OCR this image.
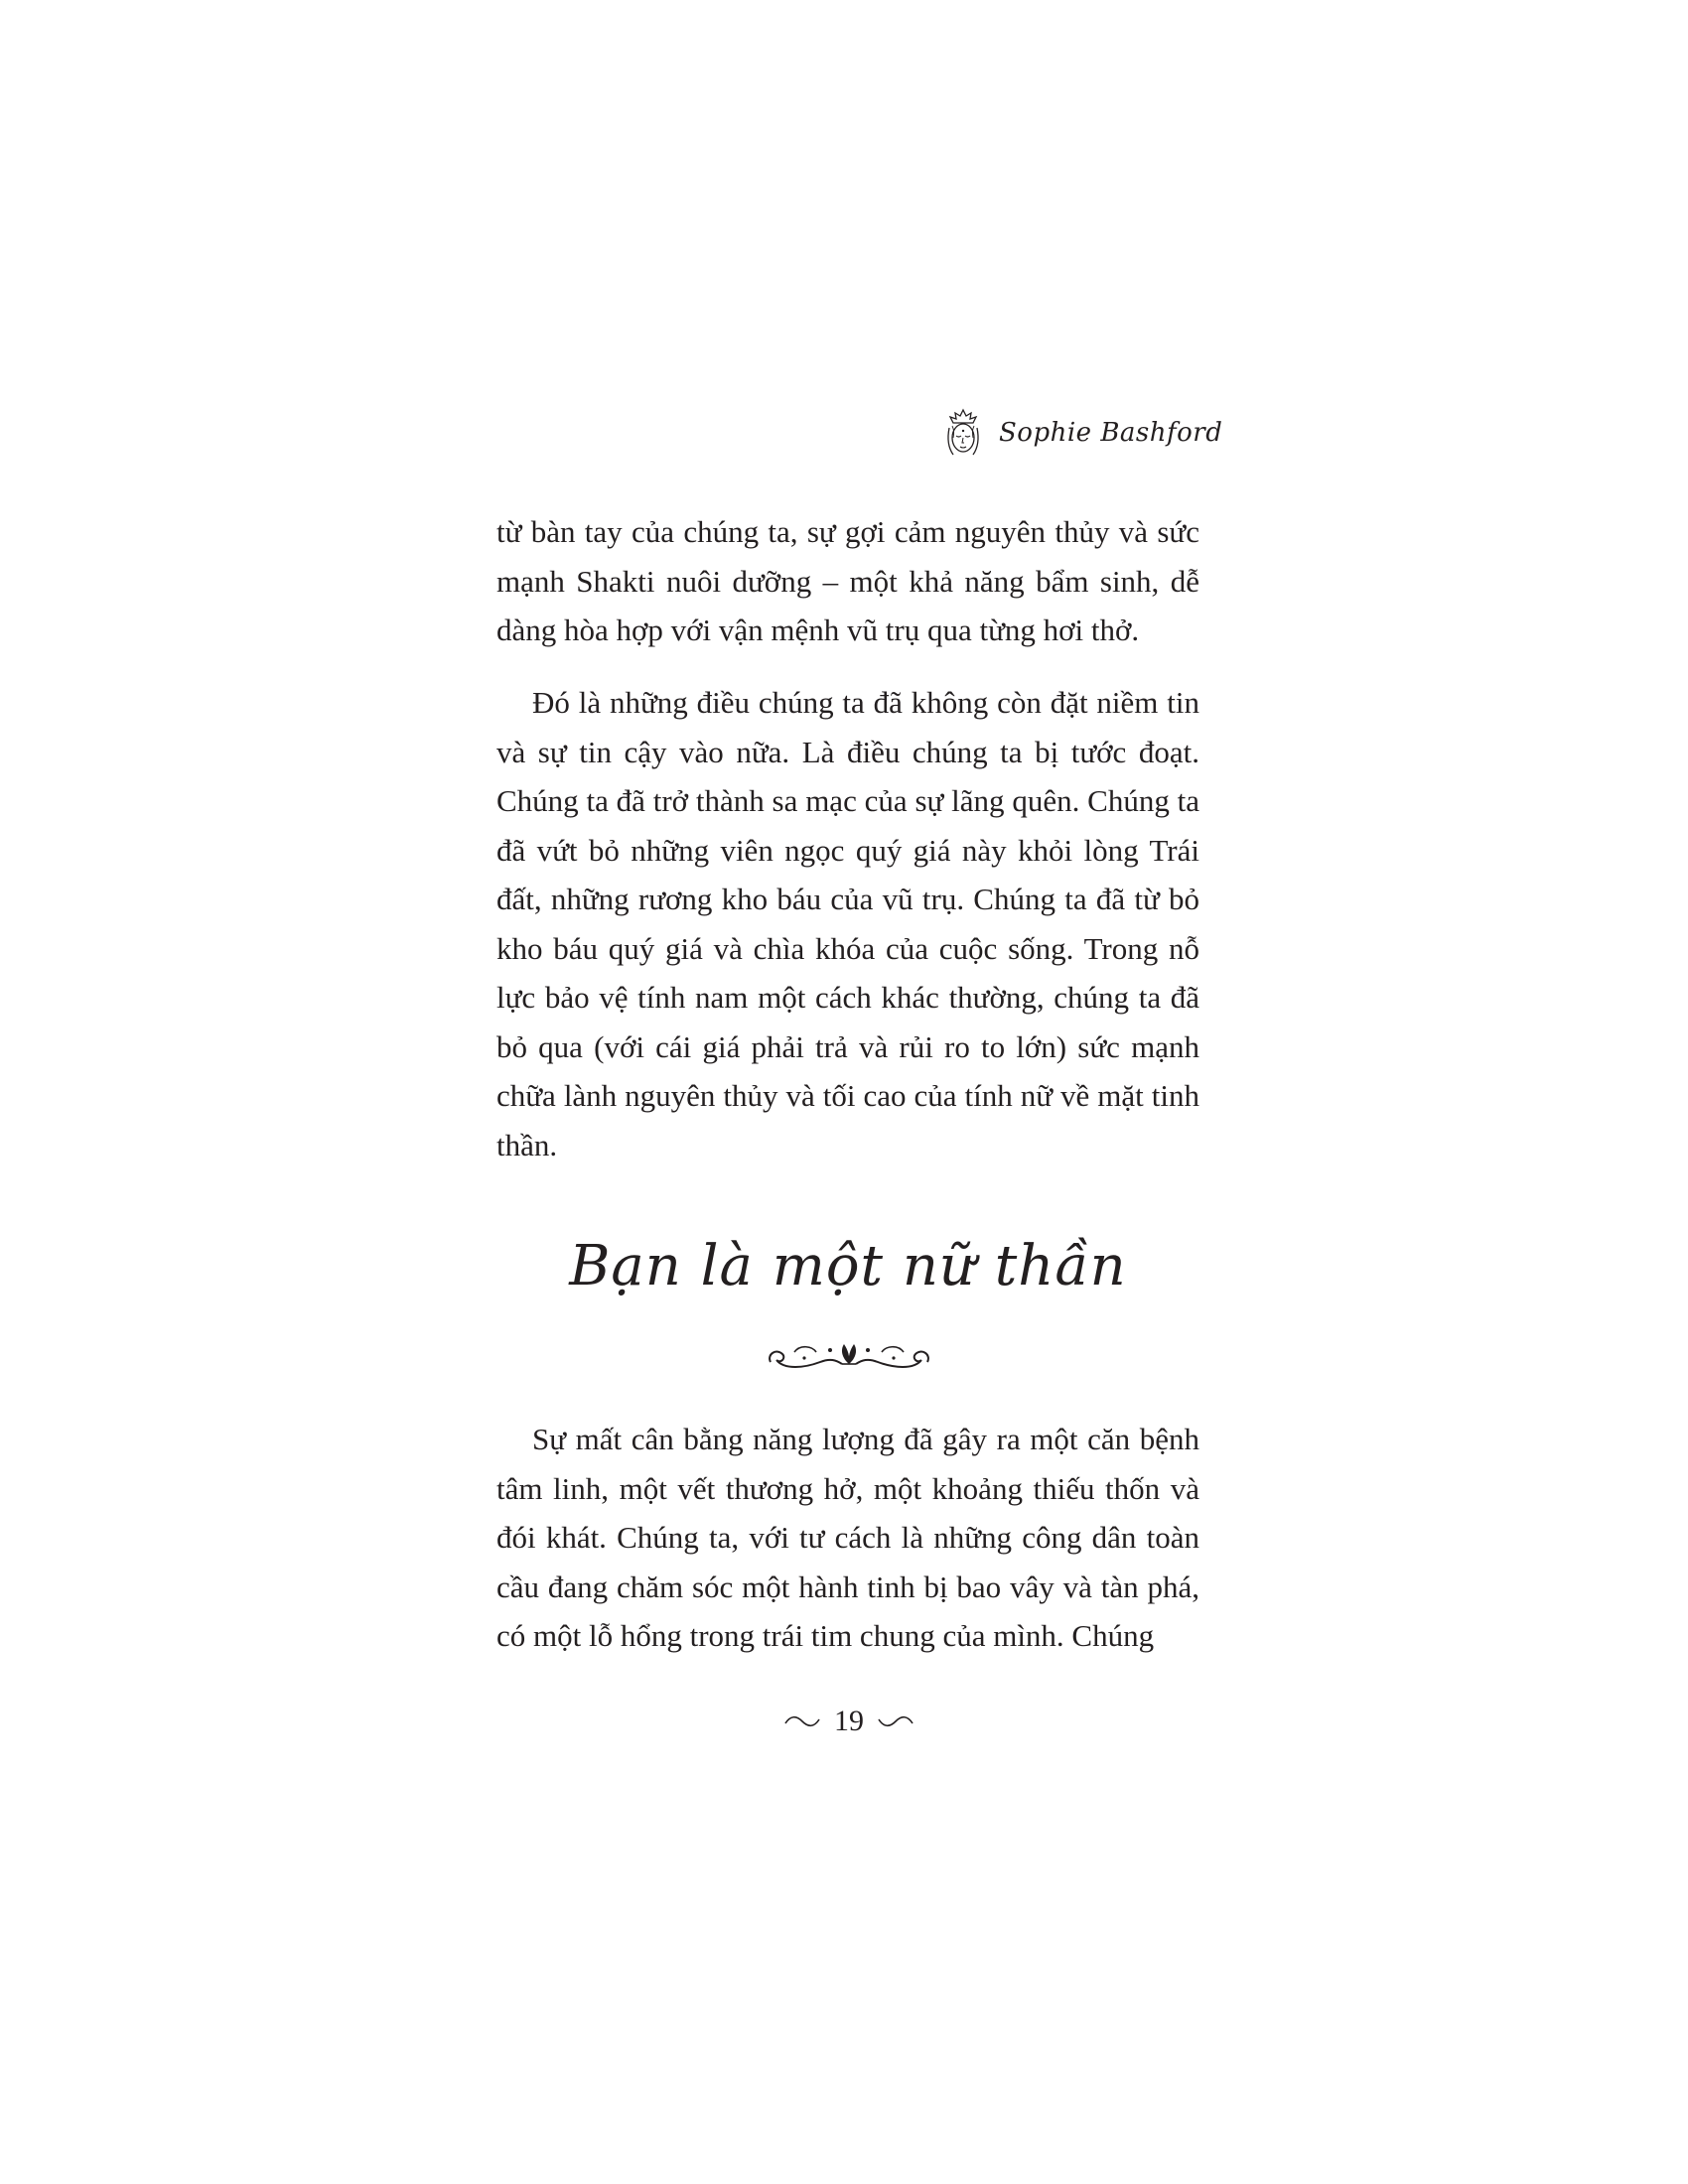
Sophie Bashford

từ bàn tay của chúng ta, sự gợi cảm nguyên thủy và sức mạnh Shakti nuôi dưỡng – một khả năng bẩm sinh, dễ dàng hòa hợp với vận mệnh vũ trụ qua từng hơi thở.

Đó là những điều chúng ta đã không còn đặt niềm tin và sự tin cậy vào nữa. Là điều chúng ta bị tước đoạt. Chúng ta đã trở thành sa mạc của sự lãng quên. Chúng ta đã vứt bỏ những viên ngọc quý giá này khỏi lòng Trái đất, những rương kho báu của vũ trụ. Chúng ta đã từ bỏ kho báu quý giá và chìa khóa của cuộc sống. Trong nỗ lực bảo vệ tính nam một cách khác thường, chúng ta đã bỏ qua (với cái giá phải trả và rủi ro to lớn) sức mạnh chữa lành nguyên thủy và tối cao của tính nữ về mặt tinh thần.

Bạn là một nữ thần

Sự mất cân bằng năng lượng đã gây ra một căn bệnh tâm linh, một vết thương hở, một khoảng thiếu thốn và đói khát. Chúng ta, với tư cách là những công dân toàn cầu đang chăm sóc một hành tinh bị bao vây và tàn phá, có một lỗ hổng trong trái tim chung của mình. Chúng

19
